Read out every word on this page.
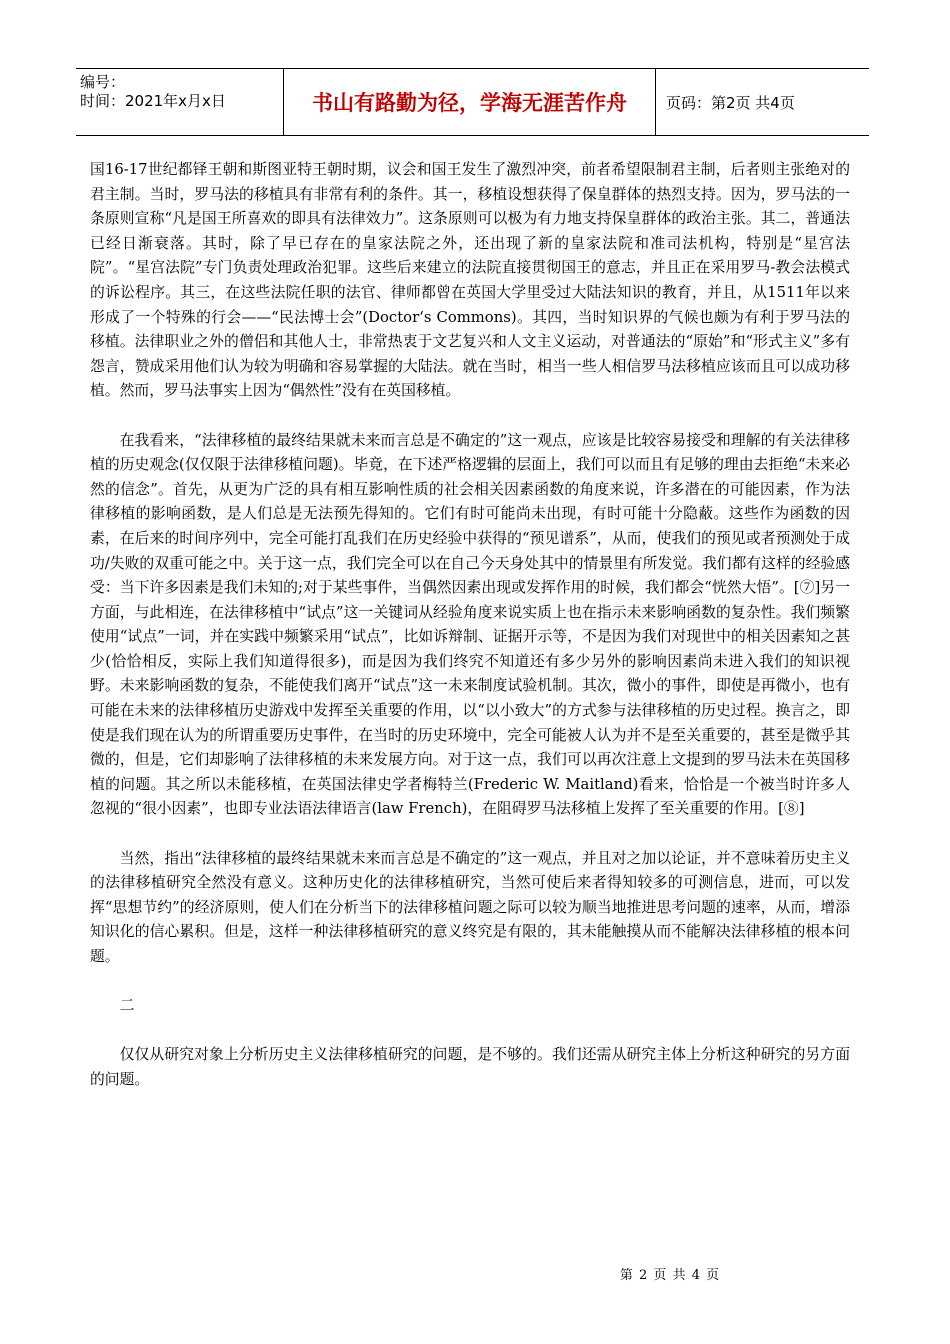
编号：
时间：2021年x月x日	书山有路勤为径，学海无涯苦作舟	页码：第2页 共4页

国16-17世纪都铎王朝和斯图亚特王朝时期，议会和国王发生了激烈冲突，前者希望限制君主制，后者则主张绝对的君主制。当时，罗马法的移植具有非常有利的条件。其一，移植设想获得了保皇群体的热烈支持。因为，罗马法的一条原则宣称“凡是国王所喜欢的即具有法律效力”。这条原则可以极为有力地支持保皇群体的政治主张。其二，普通法已经日渐衰落。其时，除了早已存在的皇家法院之外，还出现了新的皇家法院和准司法机构，特别是“星宫法院”。“星宫法院”专门负责处理政治犯罪。这些后来建立的法院直接贯彻国王的意志，并且正在采用罗马-教会法模式的诉讼程序。其三，在这些法院任职的法官、律师都曾在英国大学里受过大陆法知识的教育，并且，从1511年以来形成了一个特殊的行会——“民法博士会”(Doctor‘s Commons)。其四，当时知识界的气候也颇为有利于罗马法的移植。法律职业之外的僧侣和其他人士，非常热衷于文艺复兴和人文主义运动，对普通法的“原始”和“形式主义”多有怨言，赞成采用他们认为较为明确和容易掌握的大陆法。就在当时，相当一些人相信罗马法移植应该而且可以成功移植。然而，罗马法事实上因为“偶然性”没有在英国移植。

在我看来，“法律移植的最终结果就未来而言总是不确定的”这一观点，应该是比较容易接受和理解的有关法律移植的历史观念(仅仅限于法律移植问题)。毕竟，在下述严格逻辑的层面上，我们可以而且有足够的理由去拒绝“未来必然的信念”。首先，从更为广泛的具有相互影响性质的社会相关因素函数的角度来说，许多潜在的可能因素，作为法律移植的影响函数，是人们总是无法预先得知的。它们有时可能尚未出现，有时可能十分隐蔽。这些作为函数的因素，在后来的时间序列中，完全可能打乱我们在历史经验中获得的“预见谱系”，从而，使我们的预见或者预测处于成功/失败的双重可能之中。关于这一点，我们完全可以在自己今天身处其中的情景里有所发觉。我们都有这样的经验感受：当下许多因素是我们未知的;对于某些事件，当偶然因素出现或发挥作用的时候，我们都会“恍然大悟”。[⑦]另一方面，与此相连，在法律移植中“试点”这一关键词从经验角度来说实质上也在指示未来影响函数的复杂性。我们频繁使用“试点”一词，并在实践中频繁采用“试点”，比如诉辩制、证据开示等，不是因为我们对现世中的相关因素知之甚少(恰恰相反，实际上我们知道得很多)，而是因为我们终究不知道还有多少另外的影响因素尚未进入我们的知识视野。未来影响函数的复杂，不能使我们离开“试点”这一未来制度试验机制。其次，微小的事件，即使是再微小，也有可能在未来的法律移植历史游戏中发挥至关重要的作用，以“以小致大”的方式参与法律移植的历史过程。换言之，即使是我们现在认为的所谓重要历史事件，在当时的历史环境中，完全可能被人认为并不是至关重要的，甚至是微乎其微的，但是，它们却影响了法律移植的未来发展方向。对于这一点，我们可以再次注意上文提到的罗马法未在英国移植的问题。其之所以未能移植，在英国法律史学者梅特兰(Frederic W. Maitland)看来，恰恰是一个被当时许多人忽视的“很小因素”，也即专业法语法律语言(law French)，在阻碍罗马法移植上发挥了至关重要的作用。[⑧]

当然，指出“法律移植的最终结果就未来而言总是不确定的”这一观点，并且对之加以论证，并不意味着历史主义的法律移植研究全然没有意义。这种历史化的法律移植研究，当然可使后来者得知较多的可测信息，进而，可以发挥“思想节约”的经济原则，使人们在分析当下的法律移植问题之际可以较为顺当地推进思考问题的速率，从而，增添知识化的信心累积。但是，这样一种法律移植研究的意义终究是有限的，其未能触摸从而不能解决法律移植的根本问题。

二

仅仅从研究对象上分析历史主义法律移植研究的问题，是不够的。我们还需从研究主体上分析这种研究的另方面的问题。

第 2 页 共 4 页
